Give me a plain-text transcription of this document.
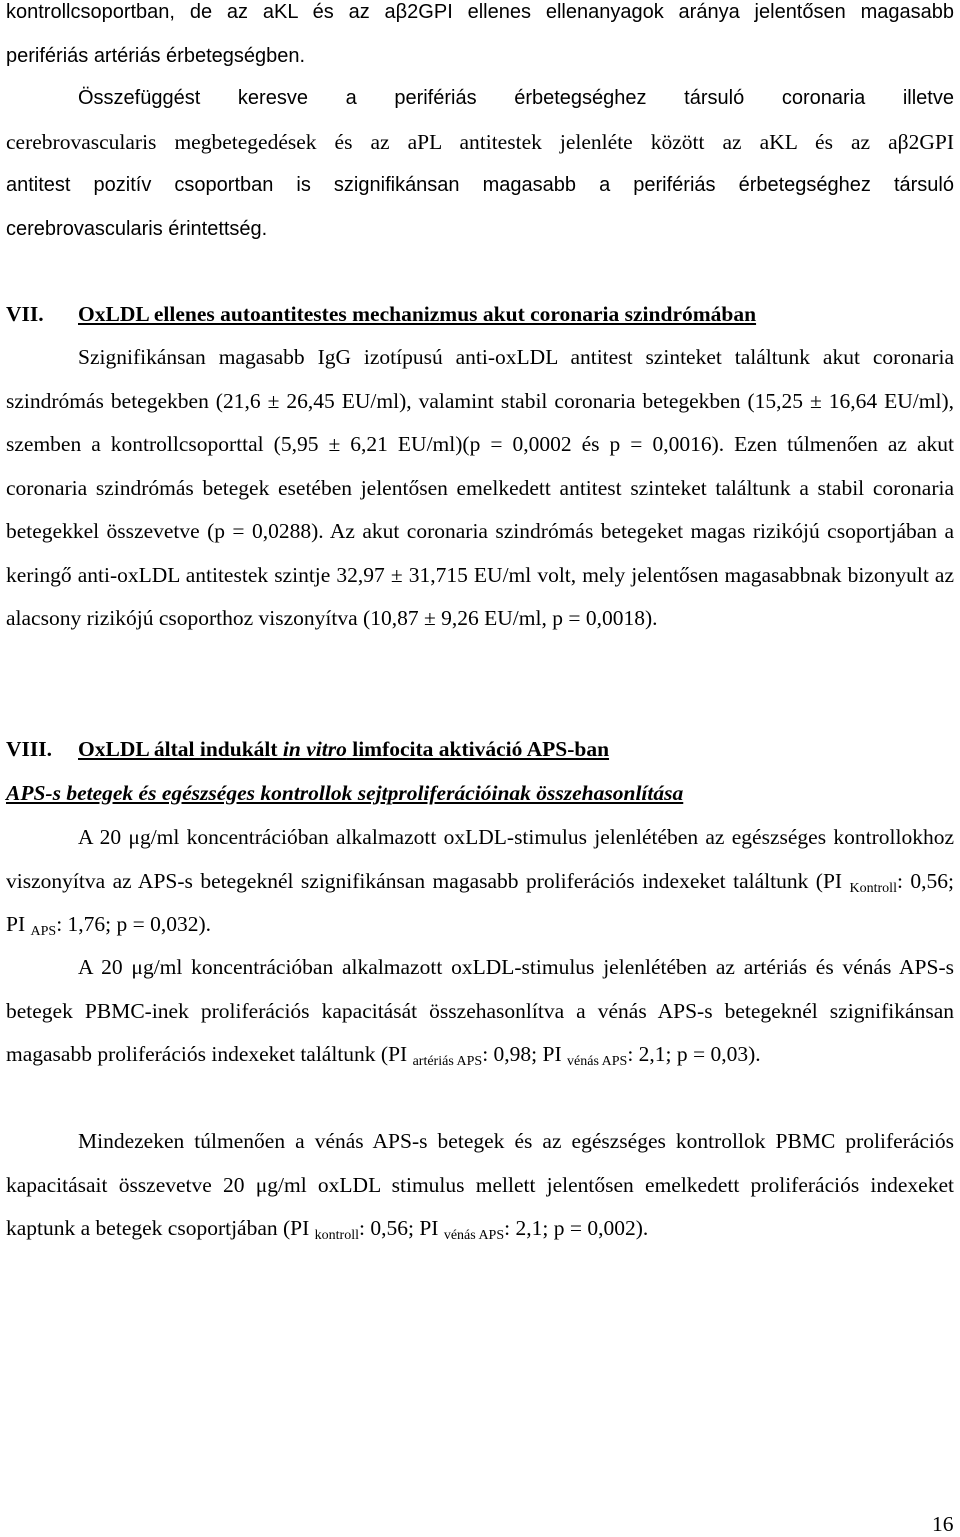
kontrollcsoportban, de az aKL és az aβ2GPI ellenes ellenanyagok aránya jelentősen magasabb
perifériás artériás érbetegségben.
Összefüggést keresve a perifériás érbetegséghez társuló coronaria illetve
cerebrovascularis megbetegedések és az aPL antitestek jelenléte között az aKL és az aβ2GPI
antitest pozitív csoportban is szignifikánsan magasabb a perifériás érbetegséghez társuló
cerebrovascularis érintettség.
VII. OxLDL ellenes autoantitestes mechanizmus akut coronaria szindrómában

Szignifikánsan magasabb IgG izotípusú anti-oxLDL antitest szinteket találtunk akut coronaria szindrómás betegekben (21,6 ± 26,45 EU/ml), valamint stabil coronaria betegekben (15,25 ± 16,64 EU/ml), szemben a kontrollcsoporttal (5,95 ± 6,21 EU/ml)(p = 0,0002 és p = 0,0016). Ezen túlmenően az akut coronaria szindrómás betegek esetében jelentősen emelkedett antitest szinteket találtunk a stabil coronaria betegekkel összevetve (p = 0,0288). Az akut coronaria szindrómás betegeket magas rizikójú csoportjában a keringő anti-oxLDL antitestek szintje 32,97 ± 31,715 EU/ml volt, mely jelentősen magasabbnak bizonyult az alacsony rizikójú csoporthoz viszonyítva (10,87 ± 9,26 EU/ml, p = 0,0018).

VIII. OxLDL által indukált in vitro limfocita aktiváció APS-ban
APS-s betegek és egészséges kontrollok sejtproliferációinak összehasonlítása

A 20 μg/ml koncentrációban alkalmazott oxLDL-stimulus jelenlétében az egészséges kontrollokhoz viszonyítva az APS-s betegeknél szignifikánsan magasabb proliferációs indexeket találtunk (PI $_{Kontroll}$: 0,56; PI $_{APS}$: 1,76; p = 0,032).

A 20 μg/ml koncentrációban alkalmazott oxLDL-stimulus jelenlétében az artériás és vénás APS-s betegek PBMC-inek proliferációs kapacitását összehasonlítva a vénás APS-s betegeknél szignifikánsan magasabb proliferációs indexeket találtunk (PI $_{artériás APS}$: 0,98; PI $_{vénás APS}$: 2,1; p = 0,03).

Mindezeken túlmenően a vénás APS-s betegek és az egészséges kontrollok PBMC proliferációs kapacitásait összevetve 20 μg/ml oxLDL stimulus mellett jelentősen emelkedett proliferációs indexeket kaptunk a betegek csoportjában (PI $_{kontroll}$: 0,56; PI $_{vénás APS}$: 2,1; p = 0,002).

16
